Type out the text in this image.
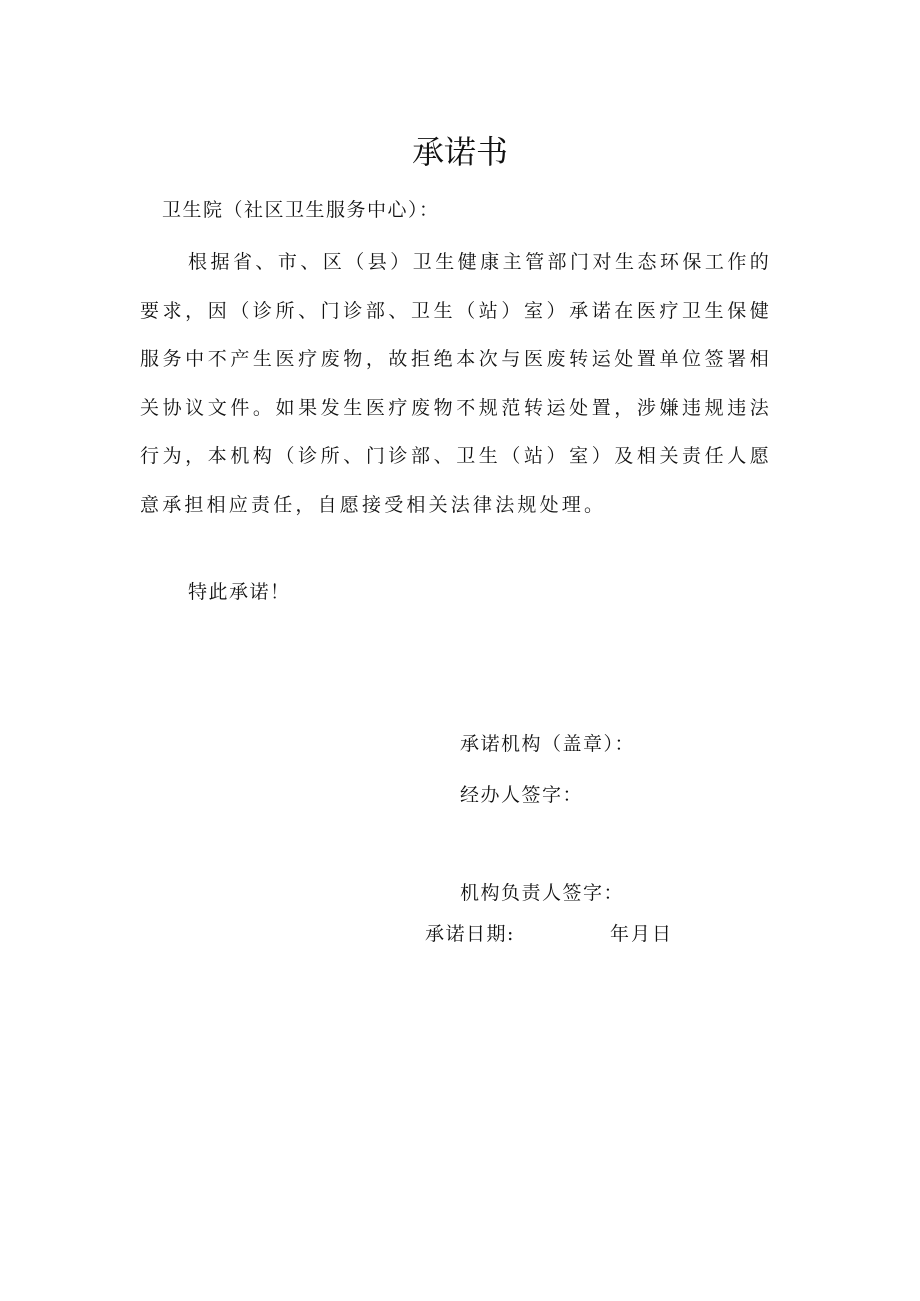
承诺书
卫生院（社区卫生服务中心）：
根据省、市、区（县）卫生健康主管部门对生态环保工作的要求，因（诊所、门诊部、卫生（站）室）承诺在医疗卫生保健服务中不产生医疗废物，故拒绝本次与医废转运处置单位签署相关协议文件。如果发生医疗废物不规范转运处置，涉嫌违规违法行为，本机构（诊所、门诊部、卫生（站）室）及相关责任人愿意承担相应责任，自愿接受相关法律法规处理。
特此承诺！
承诺机构（盖章）：
经办人签字：
机构负责人签字：
承诺日期:	年月日
